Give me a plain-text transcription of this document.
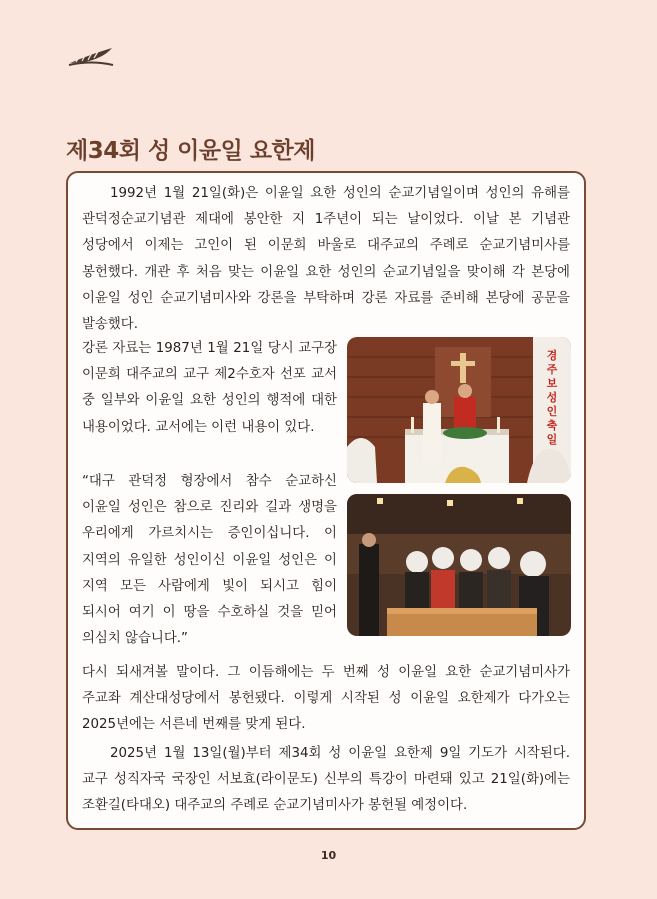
제34회 성 이윤일 요한제

1992년 1월 21일(화)은 이윤일 요한 성인의 순교기념일이며 성인의 유해를 관덕정순교기념관 제대에 봉안한 지 1주년이 되는 날이었다. 이날 본 기념관 성당에서 이제는 고인이 된 이문희 바울로 대주교의 주례로 순교기념미사를 봉헌했다. 개관 후 처음 맞는 이윤일 요한 성인의 순교기념일을 맞이해 각 본당에 이윤일 성인 순교기념미사와 강론을 부탁하며 강론 자료를 준비해 본당에 공문을 발송했다.

강론 자료는 1987년 1월 21일 당시 교구장 이문희 대주교의 교구 제2수호자 선포 교서 중 일부와 이윤일 요한 성인의 행적에 대한 내용이었다. 교서에는 이런 내용이 있다.

경
주
보
성
인
축
일

“대구 관덕정 형장에서 참수 순교하신 이윤일 성인은 참으로 진리와 길과 생명을 우리에게 가르치시는 증인이십니다. 이 지역의 유일한 성인이신 이윤일 성인은 이 지역 모든 사람에게 빛이 되시고 힘이 되시어 여기 이 땅을 수호하실 것을 믿어 의심치 않습니다.”

다시 되새겨볼 말이다. 그 이듬해에는 두 번째 성 이윤일 요한 순교기념미사가 주교좌 계산대성당에서 봉헌됐다. 이렇게 시작된 성 이윤일 요한제가 다가오는 2025년에는 서른네 번째를 맞게 된다.

2025년 1월 13일(월)부터 제34회 성 이윤일 요한제 9일 기도가 시작된다. 교구 성직자국 국장인 서보효(라이문도) 신부의 특강이 마련돼 있고 21일(화)에는 조환길(타대오) 대주교의 주례로 순교기념미사가 봉헌될 예정이다.

10
